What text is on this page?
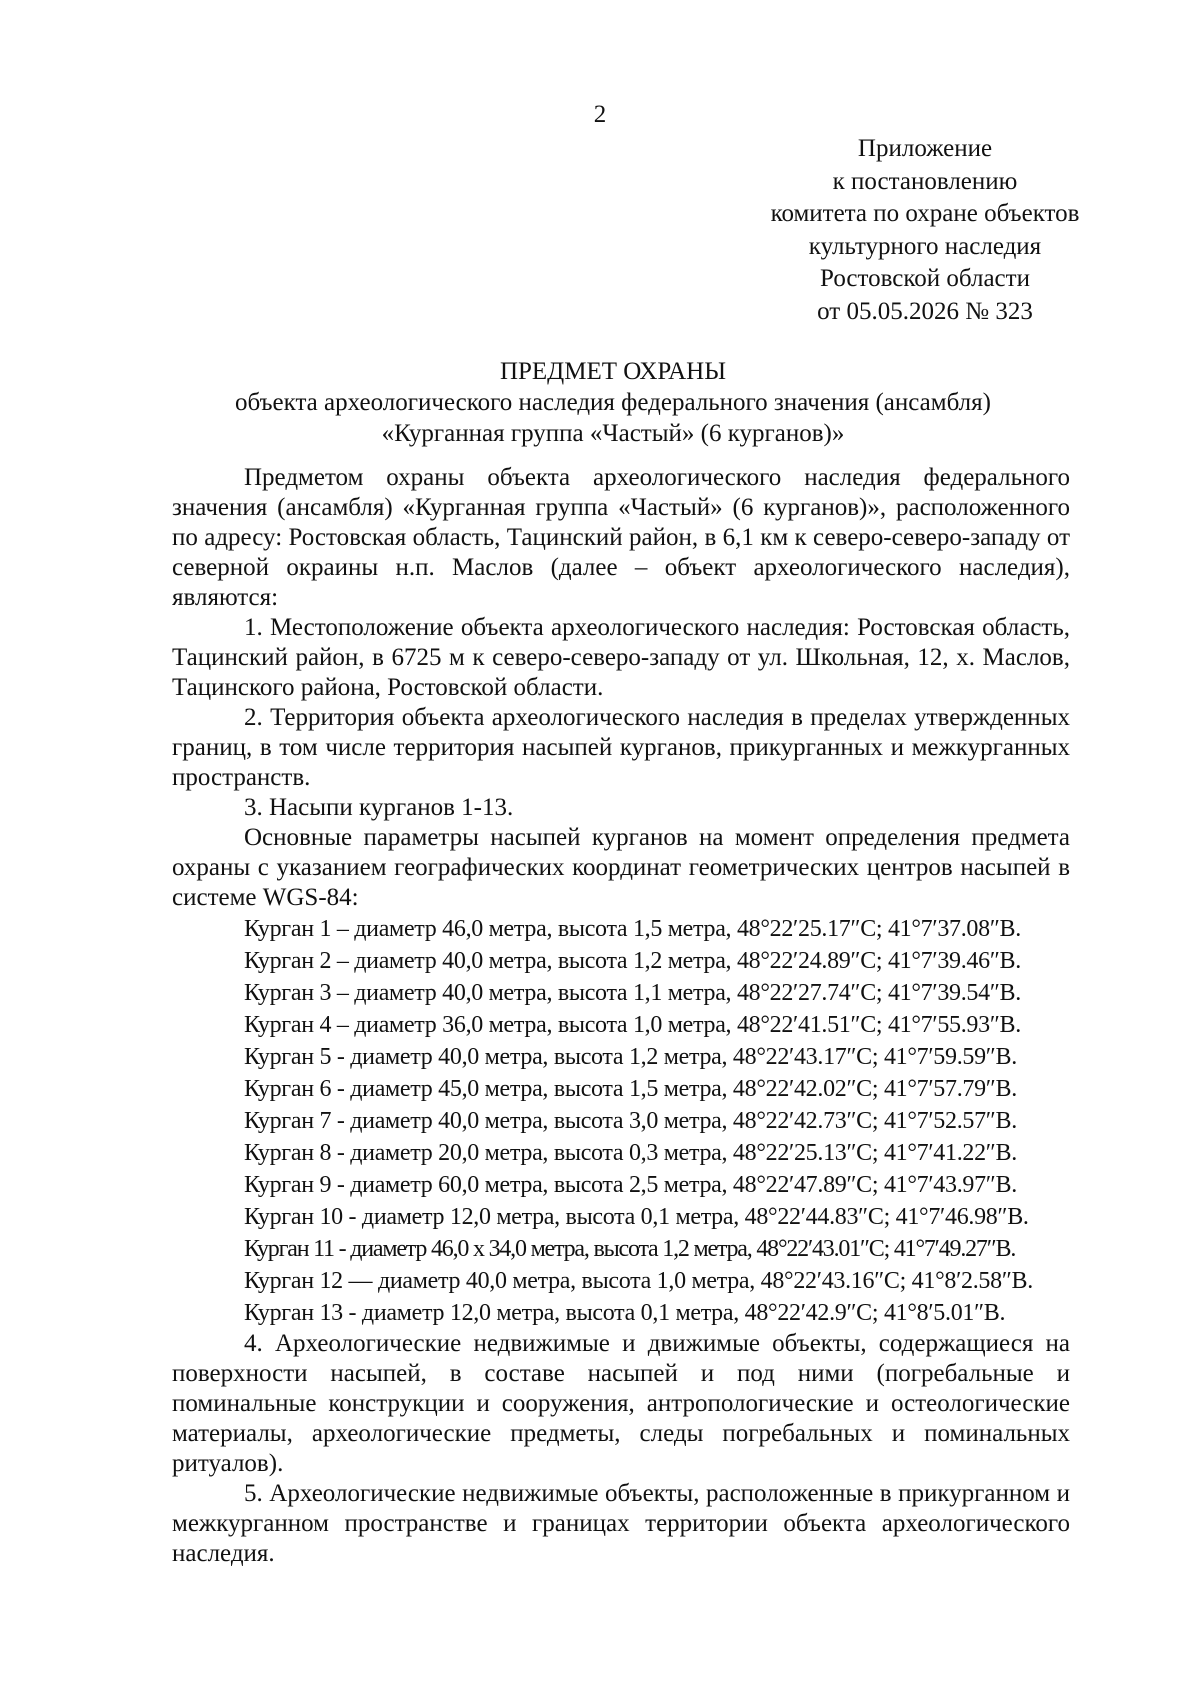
2
Приложение
к постановлению
комитета по охране объектов
культурного наследия
Ростовской области
от 05.05.2026 № 323
ПРЕДМЕТ ОХРАНЫ
объекта археологического наследия федерального значения (ансамбля)
«Курганная группа «Частый» (6 курганов)»

Предметом охраны объекта археологического наследия федерального значения (ансамбля) «Курганная группа «Частый» (6 курганов)», расположенного по адресу: Ростовская область, Тацинский район, в 6,1 км к северо-северо-западу от северной окраины н.п. Маслов (далее – объект археологического наследия), являются:

1. Местоположение объекта археологического наследия: Ростовская область, Тацинский район, в 6725 м к северо-северо-западу от ул. Школьная, 12, х. Маслов, Тацинского района, Ростовской области.

2. Территория объекта археологического наследия в пределах утвержденных границ, в том числе территория насыпей курганов, прикурганных и межкурганных пространств.

3. Насыпи курганов 1-13.

Основные параметры насыпей курганов на момент определения предмета охраны с указанием географических координат геометрических центров насыпей в системе WGS-84:

Курган 1 – диаметр 46,0 метра, высота 1,5 метра, 48°22′25.17″С; 41°7′37.08″В.
Курган 2 – диаметр 40,0 метра, высота 1,2 метра, 48°22′24.89″С; 41°7′39.46″В.
Курган 3 – диаметр 40,0 метра, высота 1,1 метра, 48°22′27.74″С; 41°7′39.54″В.
Курган 4 – диаметр 36,0 метра, высота 1,0 метра, 48°22′41.51″С; 41°7′55.93″В.
Курган 5 - диаметр 40,0 метра, высота 1,2 метра, 48°22′43.17″С; 41°7′59.59″В.
Курган 6 - диаметр 45,0 метра, высота 1,5 метра, 48°22′42.02″С; 41°7′57.79″В.
Курган 7 - диаметр 40,0 метра, высота 3,0 метра, 48°22′42.73″С; 41°7′52.57″В.
Курган 8 - диаметр 20,0 метра, высота 0,3 метра, 48°22′25.13″С; 41°7′41.22″В.
Курган 9 - диаметр 60,0 метра, высота 2,5 метра, 48°22′47.89″С; 41°7′43.97″В.
Курган 10 - диаметр 12,0 метра, высота 0,1 метра, 48°22′44.83″С; 41°7′46.98″В.
Курган 11 - диаметр 46,0 х 34,0 метра, высота 1,2 метра, 48°22′43.01″С; 41°7′49.27″В.
Курган 12 — диаметр 40,0 метра, высота 1,0 метра, 48°22′43.16″С; 41°8′2.58″В.
Курган 13 - диаметр 12,0 метра, высота 0,1 метра, 48°22′42.9″С; 41°8′5.01″В.

4. Археологические недвижимые и движимые объекты, содержащиеся на поверхности насыпей, в составе насыпей и под ними (погребальные и поминальные конструкции и сооружения, антропологические и остеологические материалы, археологические предметы, следы погребальных и поминальных ритуалов).

5. Археологические недвижимые объекты, расположенные в прикурганном и межкурганном пространстве и границах территории объекта археологического наследия.
